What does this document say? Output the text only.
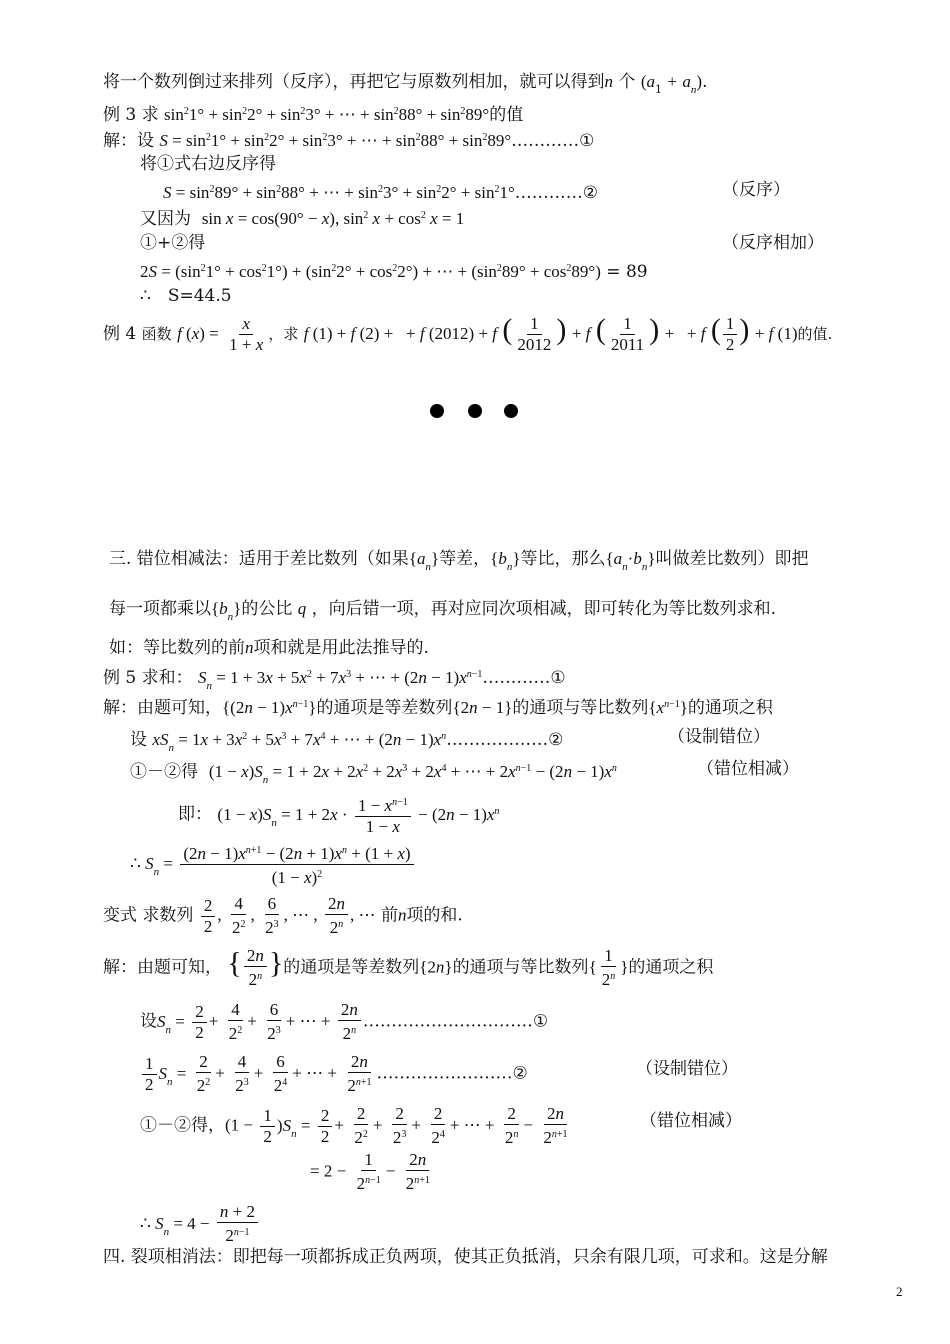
将一个数列倒过来排列（反序），再把它与原数列相加，就可以得到n 个 $(a_1 + a_n)$.
例 3 求 $\sin^21^\circ + \sin^22^\circ + \sin^23^\circ$ + ⋯ + $\sin^288^\circ + \sin^289^\circ$的值
解：设 $S = \sin^21^\circ + \sin^22^\circ + \sin^23^\circ$ + ⋯ + $\sin^288^\circ$ + $\sin^289^\circ\dots\dots\dots\dots ①$
将①式右边反序得
$S = \sin^289^\circ + \sin^288^\circ$ + ⋯ + $\sin^23^\circ + \sin^22^\circ$ + $\sin^21^\circ\dots\dots\dots\dots ②$	（反序）
又因为 sin x = cos(90° − x), $\sin^2 x + \cos^2 x = 1$
①+②得	（反序相加）
$2S = (\sin^21^\circ + \cos^21^\circ) + (\sin^22^\circ + \cos^22^\circ)$ + ⋯ + $(\sin^289^\circ + \cos^289^\circ) = 89$
∴　S=44.5
例 4 函数 f $(x) = \frac{x}{1 + x}$ ，求 f (1) + f (2) +   + f (2012) + f ( $\frac{1}{2012}$ ) + f ( $\frac{1}{2011}$ ) +   + f ( $\frac{1}{2}$ ) + f (1)的值.
三. 错位相减法：适用于差比数列（如果$\{a_n\}$等差，$\{b_n\}$等比，那么$\{a_n\cdot b_n\}$叫做差比数列）即把
每一项都乘以$\{b_n\}$的公比 q ，向后错一项，再对应同次项相减，即可转化为等比数列求和.
如：等比数列的前n项和就是用此法推导的.
例 5 求和： $S_n = 1 + 3x + 5x^2 + 7x^3$ + ⋯ + $(2n - 1)x^{n-1}\dots\dots\dots\dots ①$
解：由题可知，$\{(2n - 1)x^{n-1}\}$的通项是等差数列{2n − 1}的通项与等比数列$\{x^{n-1}\}$的通项之积
设 $xS_n = 1x + 3x^2 + 5x^3 + 7x^4$ + ⋯ + $(2n - 1)x^n\dots\dots\dots\dots\dots\dots ②$	（设制错位）
①－②得 $(1 - x)S_n = 1 + 2x + 2x^2 + 2x^3 + 2x^4$ + ⋯ + $2x^{n-1} - (2n - 1)x^n$	（错位相减）
即： $(1 - x)S_n = 1 + 2x \cdot \frac{1 - x^{n-1}}{1 - x} - (2n - 1)x^n$
∴ $S_n = \frac{(2n - 1)x^{n+1} - (2n + 1)x^n + (1 + x)}{(1 - x)^2}$
变式 求数列 $\frac{2}{2}$ , $\frac{4}{2^2}$ , $\frac{6}{2^3}$ , ⋯ , $\frac{2n}{2^n}$ , ⋯ 前n项的和.
解：由题可知， { $\frac{2n}{2^n}$ }的通项是等差数列{2n}的通项与等比数列{ $\frac{1}{2^n}$ }的通项之积
设$S_n = \frac{2}{2} + \frac{4}{2^2} + \frac{6}{2^3}$ + ⋯ + $\frac{2n}{2^n}$ …………………………①
$\frac{1}{2} S_n = \frac{2}{2^2} + \frac{4}{2^3} + \frac{6}{2^4}$ + ⋯ + $\frac{2n}{2^{n+1}}$ ……………………②	（设制错位）
①－②得，$(1 - \frac{1}{2} )S_n = \frac{2}{2} + \frac{2}{2^2} + \frac{2}{2^3} + \frac{2}{2^4}$ + ⋯ + $\frac{2}{2^n} - \frac{2n}{2^{n+1}}$	（错位相减）
= $2 - \frac{1}{2^{n-1}} - \frac{2n}{2^{n+1}}$
∴ $S_n = 4 - \frac{n + 2}{2^{n-1}}$
四. 裂项相消法：即把每一项都拆成正负两项，使其正负抵消，只余有限几项，可求和。这是分解
2
